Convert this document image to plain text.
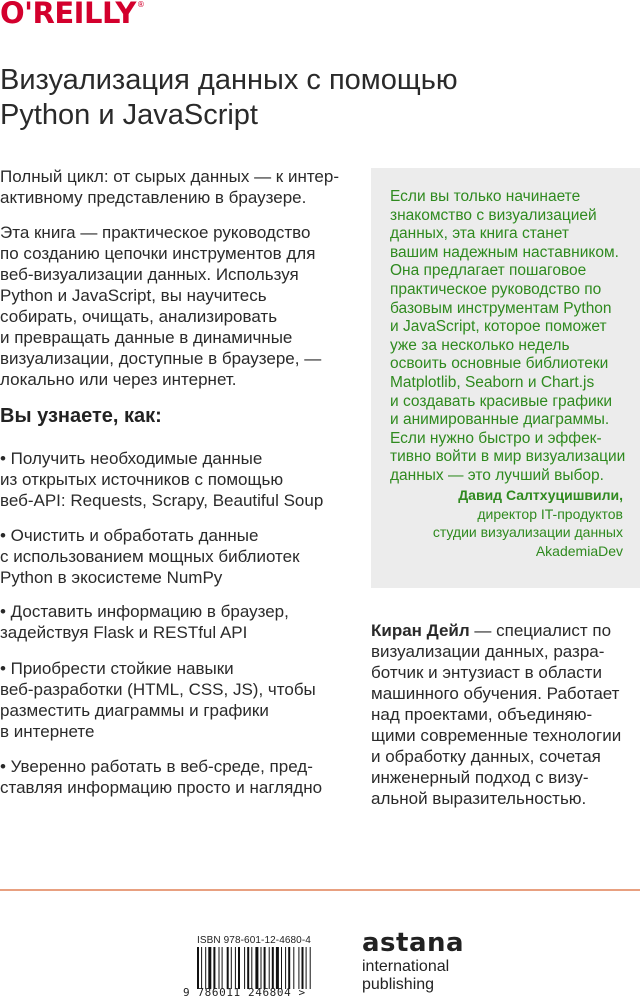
O'REILLY®
Визуализация данных с помощью
Python и JavaScript

Полный цикл: от сырых данных — к интер-
активному представлению в браузере.

Эта книга — практическое руководство
по созданию цепочки инструментов для
веб-визуализации данных. Используя
Python и JavaScript, вы научитесь
собирать, очищать, анализировать
и превращать данные в динамичные
визуализации, доступные в браузере, —
локально или через интернет.

Вы узнаете, как:

• Получить необходимые данные
из открытых источников с помощью
веб-API: Requests, Scrapy, Beautiful Soup

• Очистить и обработать данные
с использованием мощных библиотек
Python в экосистеме NumPy

• Доставить информацию в браузер,
задействуя Flask и RESTful API

• Приобрести стойкие навыки
веб-разработки (HTML, CSS, JS), чтобы
разместить диаграммы и графики
в интернете

• Уверенно работать в веб-среде, пред-
ставляя информацию просто и наглядно

Если вы только начинаете
знакомство с визуализацией
данных, эта книга станет
вашим надежным наставником.
Она предлагает пошаговое
практическое руководство по
базовым инструментам Python
и JavaScript, которое поможет
уже за несколько недель
освоить основные библиотеки
Matplotlib, Seaborn и Chart.js
и создавать красивые графики
и анимированные диаграммы.
Если нужно быстро и эффек-
тивно войти в мир визуализации
данных — это лучший выбор.

Давид Салтхуцишвили,
директор IT-продуктов
студии визуализации данных
AkademiaDev

Киран Дейл — специалист по
визуализации данных, разра-
ботчик и энтузиаст в области
машинного обучения. Работает
над проектами, объединяю-
щими современные технологии
и обработку данных, сочетая
инженерный подход с визу-
альной выразительностью.

ISBN 978-601-12-4680-4
9 786011 246804 >
astana
international
publishing
